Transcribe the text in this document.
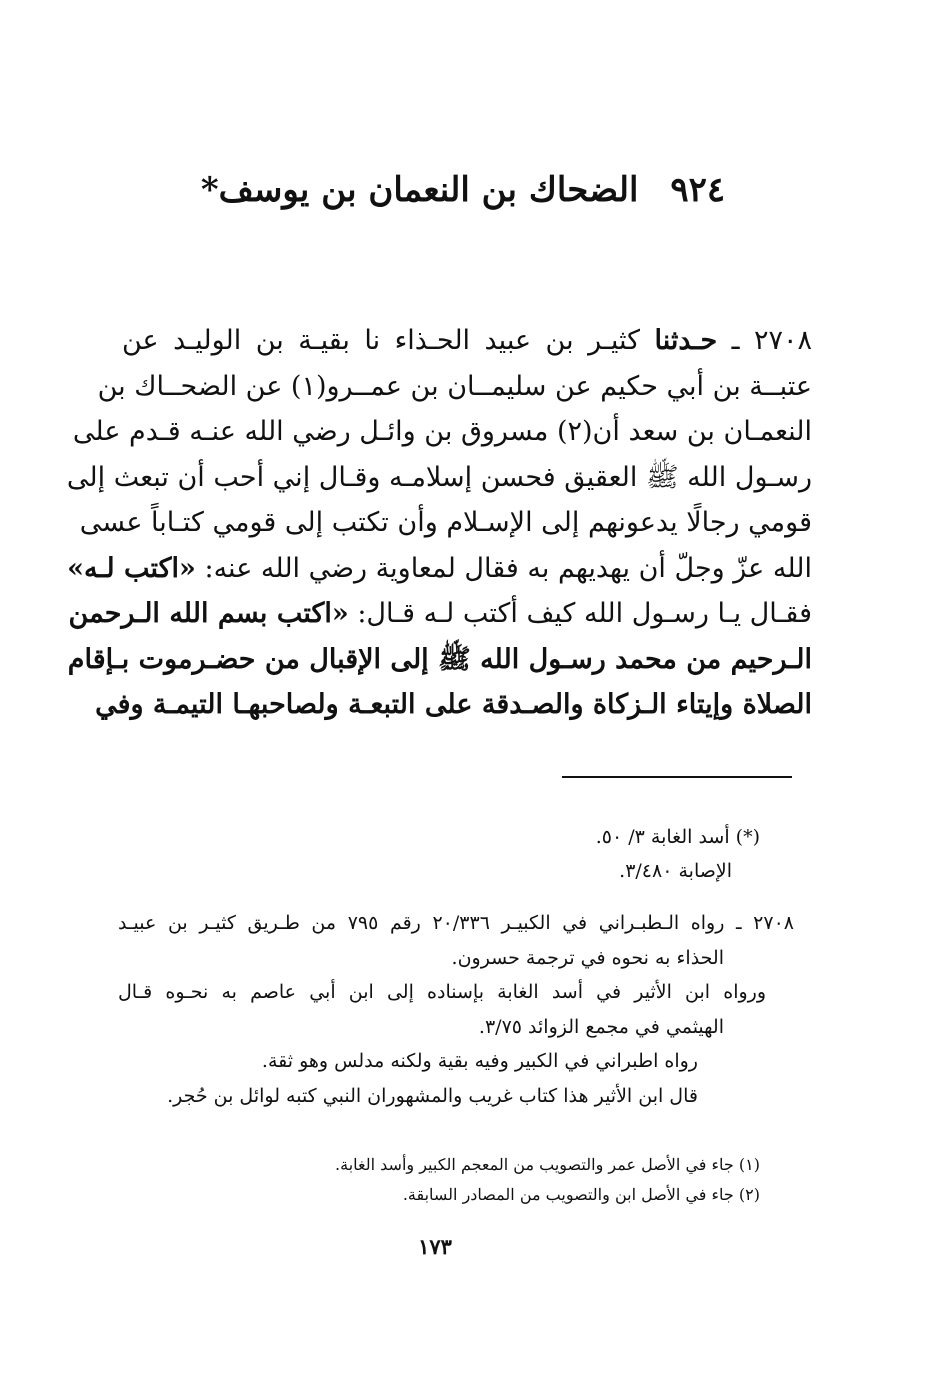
٩٢٤ الضحاك بن النعمان بن يوسف*
٢٧٠٨ ـ حـدثنا كثيـر بن عبيد الحـذاء نا بقيـة بن الوليـد عن
عتبــة بن أبي حكيم عن سليمــان بن عمــرو(١) عن الضحــاك بن
النعمـان بن سعد أن(٢) مسروق بن وائـل رضي الله عنـه قـدم على
رسـول الله ﷺ العقيق فحسن إسلامـه وقـال إني أحب أن تبعث إلى
قومي رجالًا يدعونهم إلى الإسـلام وأن تكتب إلى قومي كتـاباً عسى
الله عزّ وجلّ أن يهديهم به فقال لمعاوية رضي الله عنه: «اكتب لـه»
فقـال يـا رسـول الله كيف أكتب لـه قـال: «اكتب بسم الله الـرحمن
الـرحيم من محمد رسـول الله ﷺ إلى الإقبال من حضـرموت بـإقام
الصلاة وإيتاء الـزكاة والصـدقة على التبعـة ولصاحبهـا التيمـة وفي
(*) أسد الغابة ٣/ ٥٠.
الإصابة ٣/٤٨٠.
٢٧٠٨ ـ رواه الـطبـراني في الكبيـر ٢٠/٣٣٦ رقم ٧٩٥ من طـريق كثيـر بن عبيـد
الحذاء به نحوه في ترجمة حسرون.
ورواه ابن الأثير في أسد الغابة بإسناده إلى ابن أبي عاصم به نحـوه قـال
الهيثمي في مجمع الزوائد ٣/٧٥.
رواه اطبراني في الكبير وفيه بقية ولكنه مدلس وهو ثقة.
قال ابن الأثير هذا كتاب غريب والمشهوران النبي كتبه لوائل بن حُجر.
(١) جاء في الأصل عمر والتصويب من المعجم الكبير وأسد الغابة.
(٢) جاء في الأصل ابن والتصويب من المصادر السابقة.
١٧٣
